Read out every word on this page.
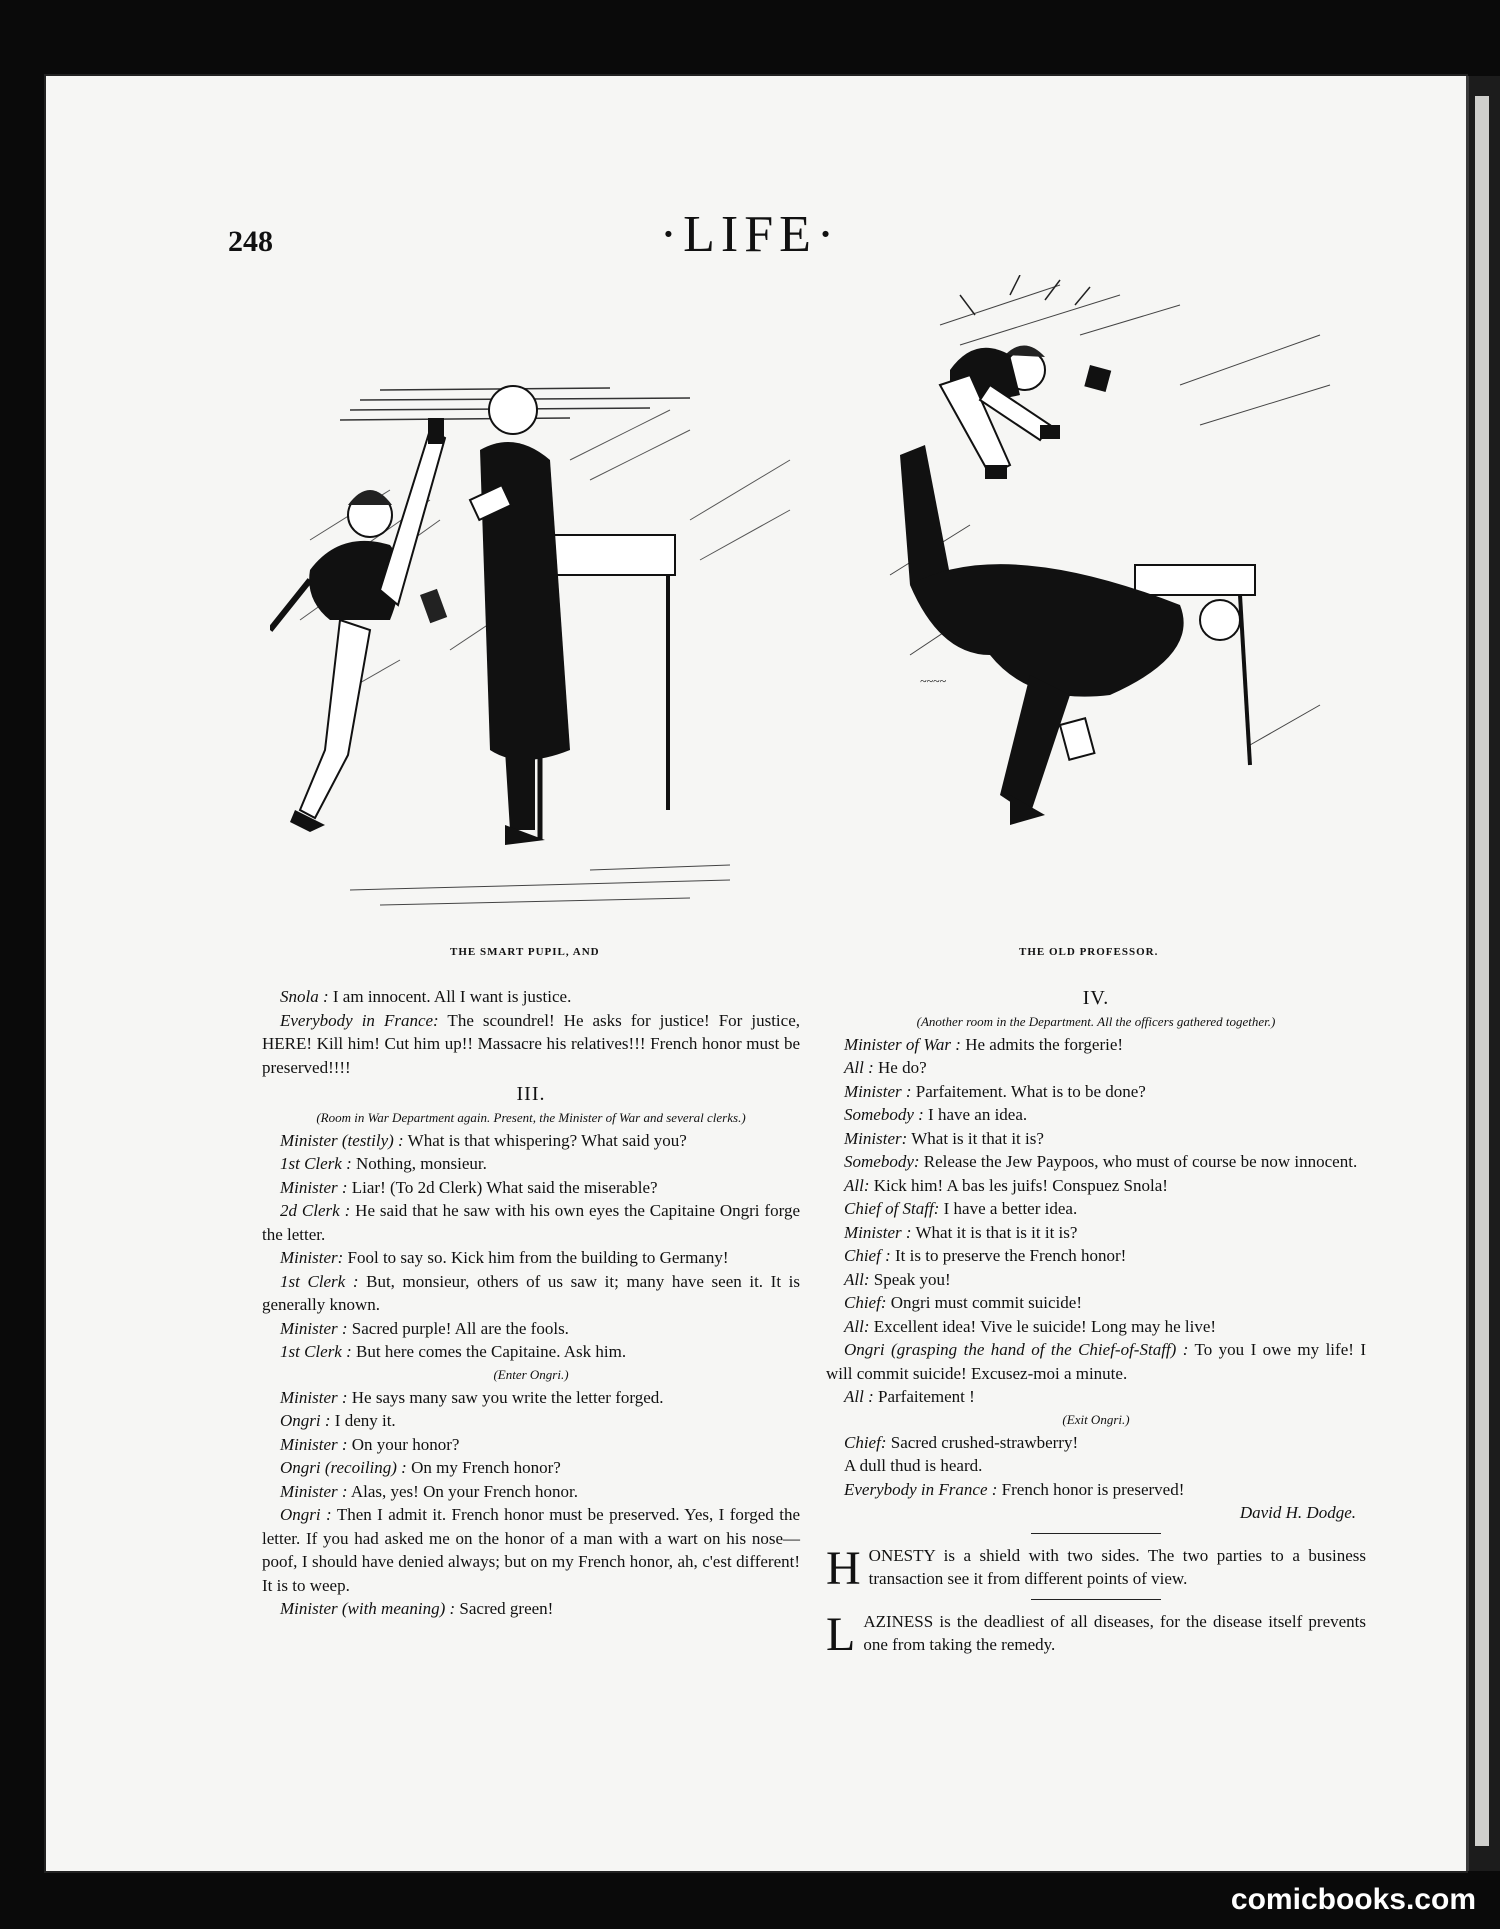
248	·LIFE·
~~~~
THE SMART PUPIL, AND	THE OLD PROFESSOR.

Snola : I am innocent. All I want is justice.

Everybody in France: The scoundrel! He asks for justice! For justice, HERE! Kill him! Cut him up!! Massacre his relatives!!! French honor must be preserved!!!!

III.

(Room in War Department again. Present, the Minister of War and several clerks.)

Minister (testily) : What is that whispering? What said you?

1st Clerk : Nothing, monsieur.

Minister : Liar! (To 2d Clerk) What said the miserable?

2d Clerk : He said that he saw with his own eyes the Capitaine Ongri forge the letter.

Minister: Fool to say so. Kick him from the building to Germany!

1st Clerk : But, monsieur, others of us saw it; many have seen it. It is generally known.

Minister : Sacred purple! All are the fools.

1st Clerk : But here comes the Capitaine. Ask him.

(Enter Ongri.)

Minister : He says many saw you write the letter forged.

Ongri : I deny it.

Minister : On your honor?

Ongri (recoiling) : On my French honor?

Minister : Alas, yes! On your French honor.

Ongri : Then I admit it. French honor must be preserved. Yes, I forged the letter. If you had asked me on the honor of a man with a wart on his nose—poof, I should have denied always; but on my French honor, ah, c'est different! It is to weep.

Minister (with meaning) : Sacred green!

IV.

(Another room in the Department. All the officers gathered together.)

Minister of War : He admits the forgerie!

All : He do?

Minister : Parfaitement. What is to be done?

Somebody : I have an idea.

Minister: What is it that it is?

Somebody: Release the Jew Paypoos, who must of course be now innocent.

All: Kick him! A bas les juifs! Conspuez Snola!

Chief of Staff: I have a better idea.

Minister : What it is that is it it is?

Chief : It is to preserve the French honor!

All: Speak you!

Chief: Ongri must commit suicide!

All: Excellent idea! Vive le suicide! Long may he live!

Ongri (grasping the hand of the Chief-of-Staff) : To you I owe my life! I will commit suicide! Excusez-moi a minute.

All : Parfaitement !

(Exit Ongri.)

Chief: Sacred crushed-strawberry!

A dull thud is heard.

Everybody in France : French honor is preserved!

David H. Dodge.

HONESTY is a shield with two sides. The two parties to a business transaction see it from different points of view.

LAZINESS is the deadliest of all diseases, for the disease itself prevents one from taking the remedy.

comicbooks.com
